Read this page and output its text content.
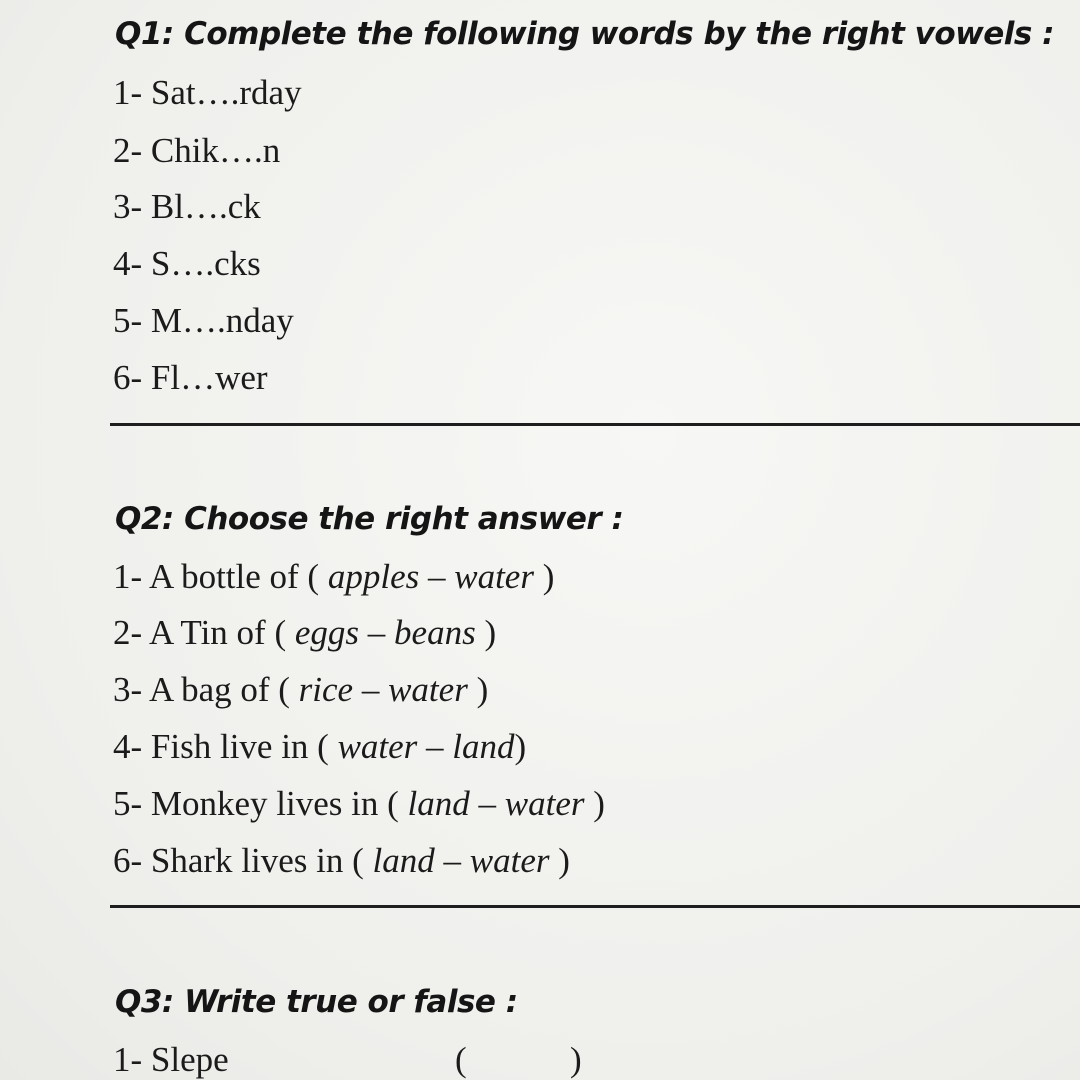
Q1: Complete the following words by the right vowels :
1- Sat….rday
2- Chik….n
3- Bl….ck
4- S….cks
5- M….nday
6- Fl…wer
Q2: Choose the right answer :
1- A bottle of ( apples – water )
2- A Tin of ( eggs – beans )
3- A bag of ( rice – water )
4- Fish live in ( water – land)
5- Monkey lives in ( land – water )
6- Shark lives in ( land – water )
Q3: Write true or false :
1- Slepe	(	)
